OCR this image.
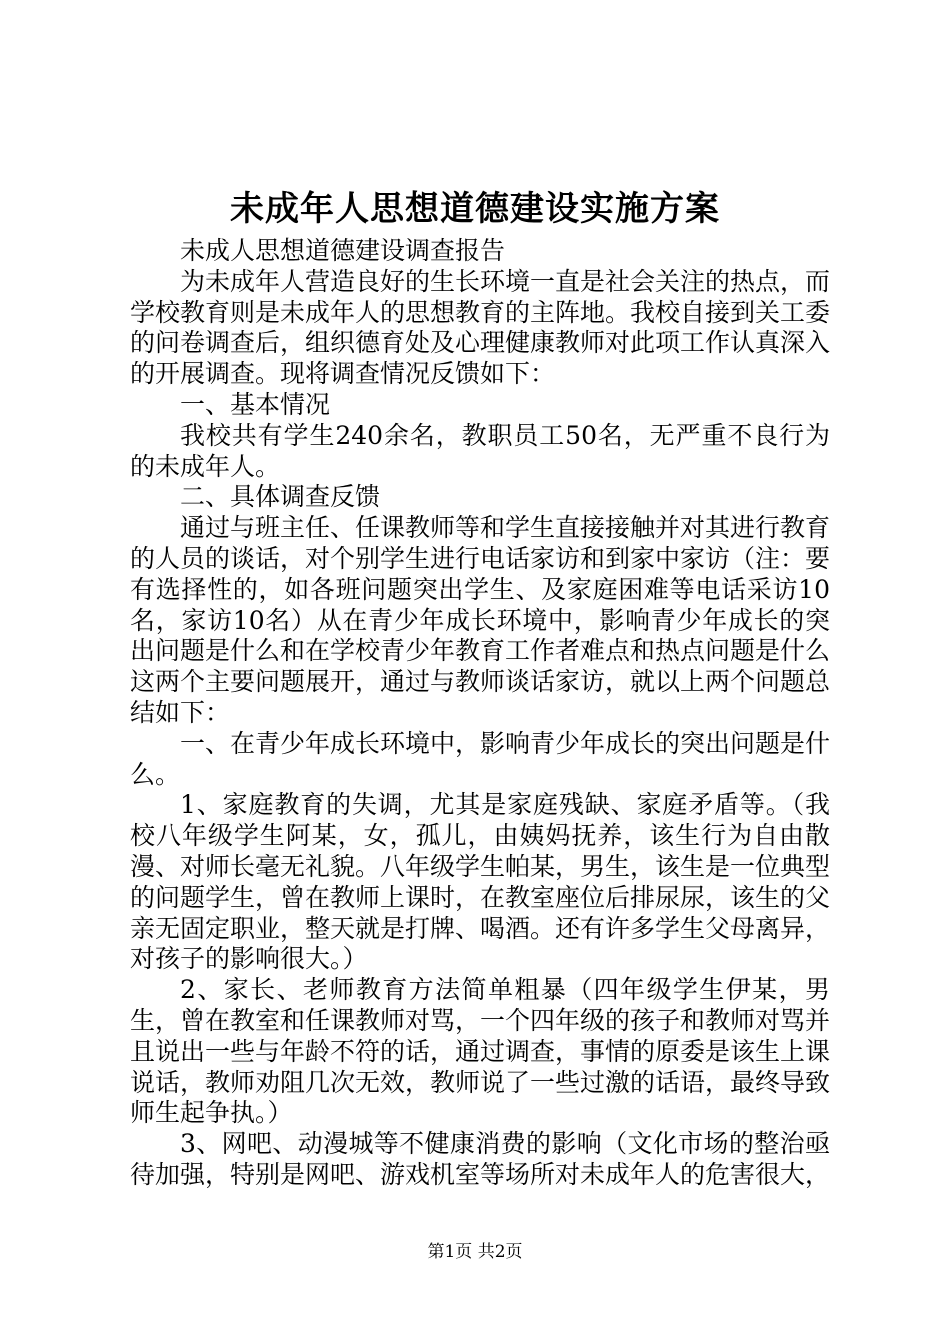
未成年人思想道德建设实施方案

未成人思想道德建设调查报告

为未成年人营造良好的生长环境一直是社会关注的热点，而学校教育则是未成年人的思想教育的主阵地。我校自接到关工委的问卷调查后，组织德育处及心理健康教师对此项工作认真深入的开展调查。现将调查情况反馈如下：

一、基本情况

我校共有学生240余名，教职员工50名，无严重不良行为的未成年人。

二、具体调查反馈

通过与班主任、任课教师等和学生直接接触并对其进行教育的人员的谈话，对个别学生进行电话家访和到家中家访（注：要有选择性的，如各班问题突出学生、及家庭困难等电话采访10名，家访10名）从在青少年成长环境中，影响青少年成长的突出问题是什么和在学校青少年教育工作者难点和热点问题是什么这两个主要问题展开，通过与教师谈话家访，就以上两个问题总结如下：

一、在青少年成长环境中，影响青少年成长的突出问题是什么。

1、家庭教育的失调，尤其是家庭残缺、家庭矛盾等。（我校八年级学生阿某，女，孤儿，由姨妈抚养，该生行为自由散漫、对师长毫无礼貌。八年级学生帕某，男生，该生是一位典型的问题学生，曾在教师上课时，在教室座位后排尿尿，该生的父亲无固定职业，整天就是打牌、喝酒。还有许多学生父母离异，对孩子的影响很大。）

2、家长、老师教育方法简单粗暴（四年级学生伊某，男生，曾在教室和任课教师对骂，一个四年级的孩子和教师对骂并且说出一些与年龄不符的话，通过调查，事情的原委是该生上课说话，教师劝阻几次无效，教师说了一些过激的话语，最终导致师生起争执。）

3、网吧、动漫城等不健康消费的影响（文化市场的整治亟待加强，特别是网吧、游戏机室等场所对未成年人的危害很大，

第1页 共2页
